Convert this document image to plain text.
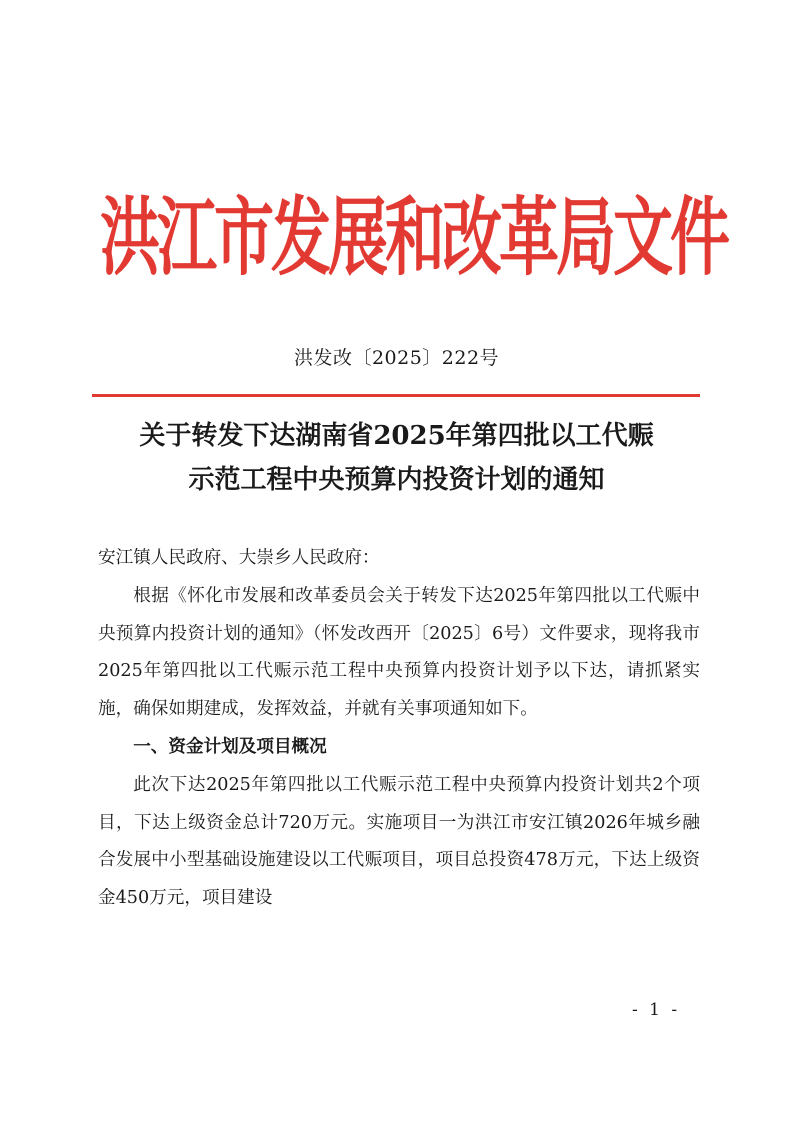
洪江市发展和改革局文件
洪发改〔2025〕222号
关于转发下达湖南省2025年第四批以工代赈
示范工程中央预算内投资计划的通知

安江镇人民政府、大崇乡人民政府：

根据《怀化市发展和改革委员会关于转发下达2025年第四批以工代赈中央预算内投资计划的通知》（怀发改西开〔2025〕6号）文件要求，现将我市2025年第四批以工代赈示范工程中央预算内投资计划予以下达，请抓紧实施，确保如期建成，发挥效益，并就有关事项通知如下。

一、资金计划及项目概况

此次下达2025年第四批以工代赈示范工程中央预算内投资计划共2个项目，下达上级资金总计720万元。实施项目一为洪江市安江镇2026年城乡融合发展中小型基础设施建设以工代赈项目，项目总投资478万元，下达上级资金450万元，项目建设

- 1 -
